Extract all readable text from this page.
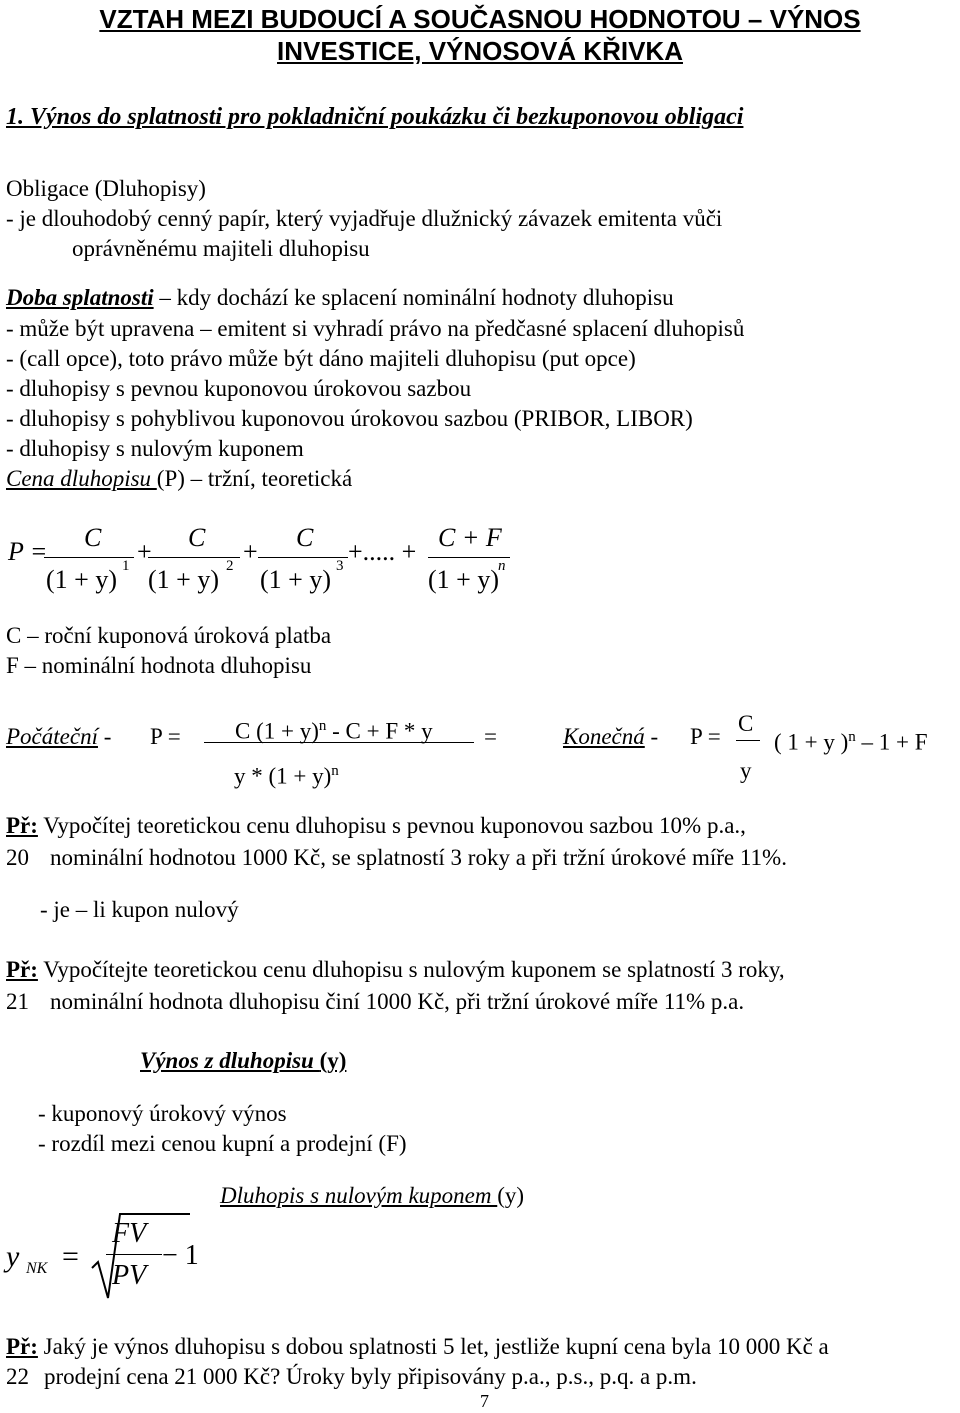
VZTAH MEZI BUDOUCÍ A SOUČASNOU HODNOTOU – VÝNOS
INVESTICE, VÝNOSOVÁ KŘIVKA
1. Výnos do splatnosti pro pokladniční poukázku či bezkuponovou obligaci
Obligace (Dluhopisy)
- je dlouhodobý cenný papír, který vyjadřuje dlužnický závazek emitenta vůči
oprávněnému majiteli dluhopisu
Doba splatnosti – kdy dochází ke splacení nominální hodnoty dluhopisu
- může být upravena – emitent si vyhradí právo na předčasné splacení dluhopisů
- (call opce), toto právo může být dáno majiteli dluhopisu (put opce)
- dluhopisy s pevnou kuponovou úrokovou sazbou
- dluhopisy s pohyblivou kuponovou úrokovou sazbou (PRIBOR, LIBOR)
- dluhopisy s nulovým kuponem
Cena dluhopisu (P) – tržní, teoretická
P = C
(1 + y) 1 + C
(1 + y) 2 + C
(1 + y) 3 +..... + C + F
(1 + y) n
C – roční kuponová úroková platba
F – nominální hodnota dluhopisu
Počáteční - P = C $(1 + y)^n - C + F * y$
$y * (1 + y)^n$
=	Konečná - P =
C
y
( 1 + y )$^n$ – 1 + F
Př: Vypočítej teoretickou cenu dluhopisu s pevnou kuponovou sazbou 10% p.a.,
20 nominální hodnotou 1000 Kč, se splatností 3 roky a při tržní úrokové míře 11%.
- je – li kupon nulový
Př: Vypočítejte teoretickou cenu dluhopisu s nulovým kuponem se splatností 3 roky,
21 nominální hodnota dluhopisu činí 1000 Kč, při tržní úrokové míře 11% p.a.
Výnos z dluhopisu (y)
- kuponový úrokový výnos
- rozdíl mezi cenou kupní a prodejní (F)
Dluhopis s nulovým kuponem (y)
y NK =
FV
PV
− 1
Př: Jaký je výnos dluhopisu s dobou splatnosti 5 let, jestliže kupní cena byla 10 000 Kč a
22 prodejní cena 21 000 Kč? Úroky byly připisovány p.a., p.s., p.q. a p.m.
7
